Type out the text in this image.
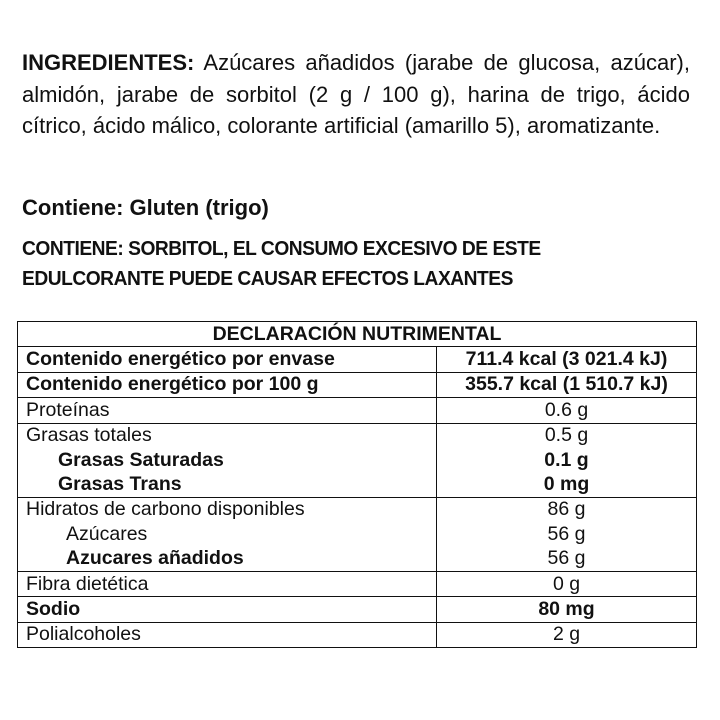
INGREDIENTES: Azúcares añadidos (jarabe de glucosa, azúcar), almidón, jarabe de sorbitol (2 g / 100 g), harina de trigo, ácido cítrico, ácido málico, colorante artificial (amarillo 5), aromatizante.

Contiene: Gluten (trigo)

CONTIENE: SORBITOL, EL CONSUMO EXCESIVO DE ESTE
EDULCORANTE PUEDE CAUSAR EFECTOS LAXANTES

DECLARACIÓN NUTRIMENTAL	
Contenido energético por envase	711.4 kcal (3 021.4 kJ)
Contenido energético por 100 g	355.7 kcal (1 510.7 kJ)
Proteínas	0.6 g
Grasas totales	0.5 g
Grasas Saturadas	0.1 g
Grasas Trans	0 mg
Hidratos de carbono disponibles	86 g
Azúcares	56 g
Azucares añadidos	56 g
Fibra dietética	0 g
Sodio	80 mg
Polialcoholes	2 g
